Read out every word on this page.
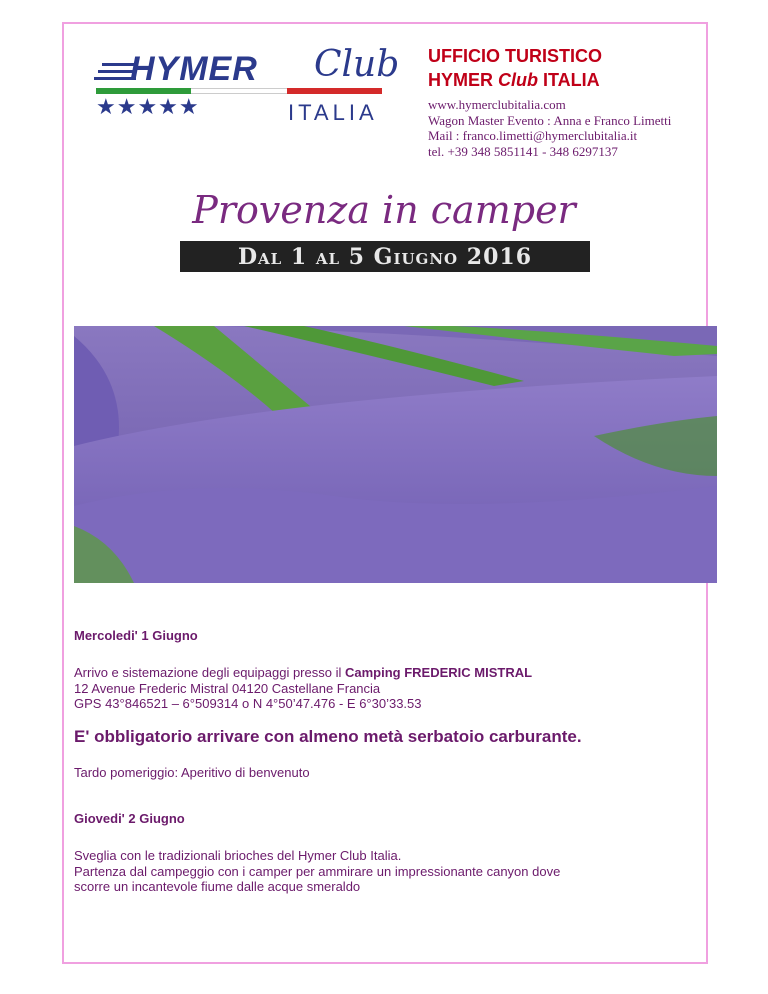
HYMER Club
★★★★★	ITALIA
UFFICIO TURISTICO
HYMER Club ITALIA
www.hymerclubitalia.com
Wagon Master Evento : Anna e Franco Limetti
Mail : franco.limetti@hymerclubitalia.it
tel. +39 348 5851141 - 348 6297137
Provenza in camper
Dal 1 al 5 Giugno 2016
Mercoledi' 1 Giugno
Arrivo e sistemazione degli equipaggi presso il Camping FREDERIC MISTRAL
12 Avenue Frederic Mistral 04120 Castellane Francia
GPS 43°846521 – 6°509314 o N 4°50’47.476 - E 6°30’33.53
E' obbligatorio arrivare con almeno metà serbatoio carburante.
Tardo pomeriggio: Aperitivo di benvenuto
Giovedi' 2 Giugno
Sveglia con le tradizionali brioches del Hymer Club Italia.
Partenza dal campeggio con i camper per ammirare un impressionante canyon dove
scorre un incantevole fiume dalle acque smeraldo
